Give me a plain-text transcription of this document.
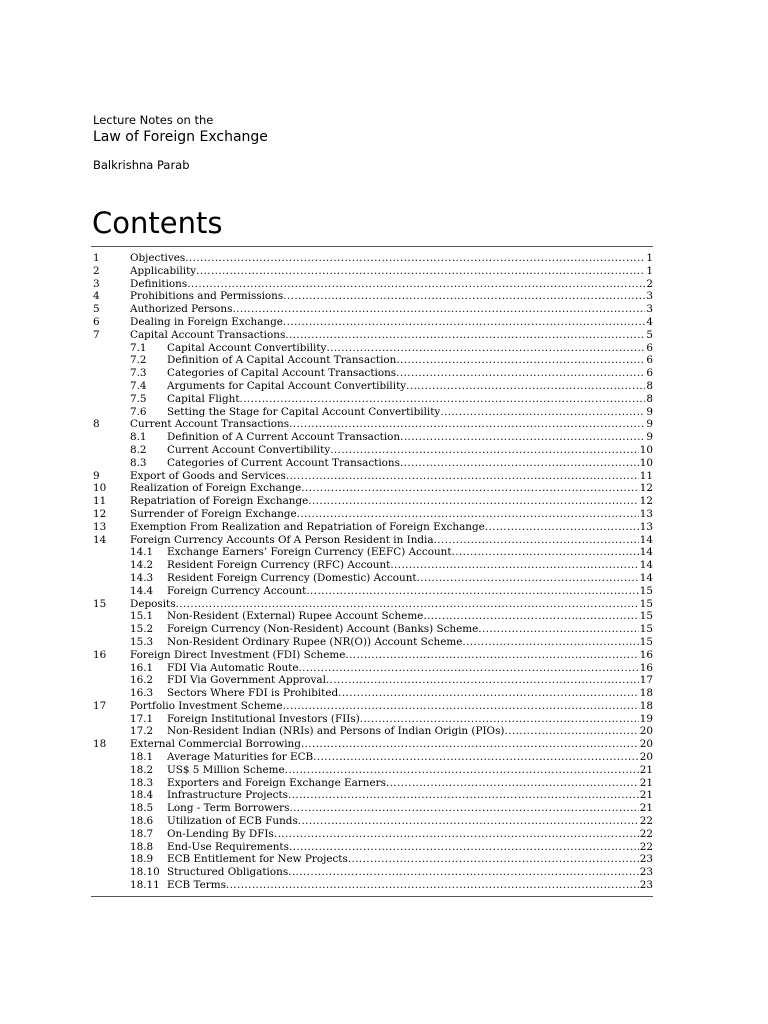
Lecture Notes on the
Law of Foreign Exchange
Balkrishna Parab
Contents
1	Objectives .....	1
2	Applicability .....	1
3	Definitions .....	2
4	Prohibitions and Permissions .....	3
5	Authorized Persons .....	3
6	Dealing in Foreign Exchange .....	4
7	Capital Account Transactions .....	5
7.1 Capital Account Convertibility .....	6
7.2 Definition of A Capital Account Transaction .....	6
7.3 Categories of Capital Account Transactions .....	6
7.4 Arguments for Capital Account Convertibility .....	8
7.5 Capital Flight .....	8
7.6 Setting the Stage for Capital Account Convertibility .....	9
8	Current Account Transactions .....	9
8.1 Definition of A Current Account Transaction .....	9
8.2 Current Account Convertibility .....	10
8.3 Categories of Current Account Transactions .....	10
9	Export of Goods and Services .....	11
10 Realization of Foreign Exchange .....	12
11 Repatriation of Foreign Exchange .....	12
12 Surrender of Foreign Exchange .....	13
13 Exemption From Realization and Repatriation of Foreign Exchange .....	13
14 Foreign Currency Accounts Of A Person Resident in India .....	14
14.1 Exchange Earners’ Foreign Currency (EEFC) Account .....	14
14.2 Resident Foreign Currency (RFC) Account .....	14
14.3 Resident Foreign Currency (Domestic) Account .....	14
14.4 Foreign Currency Account .....	15
15 Deposits .....	15
15.1 Non-Resident (External) Rupee Account Scheme .....	15
15.2 Foreign Currency (Non-Resident) Account (Banks) Scheme .....	15
15.3 Non-Resident Ordinary Rupee (NR(O)) Account Scheme .....	15
16 Foreign Direct Investment (FDI) Scheme .....	16
16.1 FDI Via Automatic Route .....	16
16.2 FDI Via Government Approval .....	17
16.3 Sectors Where FDI is Prohibited .....	18
17 Portfolio Investment Scheme .....	18
17.1 Foreign Institutional Investors (FIIs) .....	19
17.2 Non-Resident Indian (NRIs) and Persons of Indian Origin (PIOs) .....	20
18 External Commercial Borrowing .....	20
18.1 Average Maturities for ECB .....	20
18.2 US$ 5 Million Scheme .....	21
18.3 Exporters and Foreign Exchange Earners .....	21
18.4 Infrastructure Projects .....	21
18.5 Long - Term Borrowers .....	21
18.6 Utilization of ECB Funds .....	22
18.7 On-Lending By DFIs .....	22
18.8 End-Use Requirements .....	22
18.9 ECB Entitlement for New Projects .....	23
18.10 Structured Obligations .....	23
18.11 ECB Terms .....	23
